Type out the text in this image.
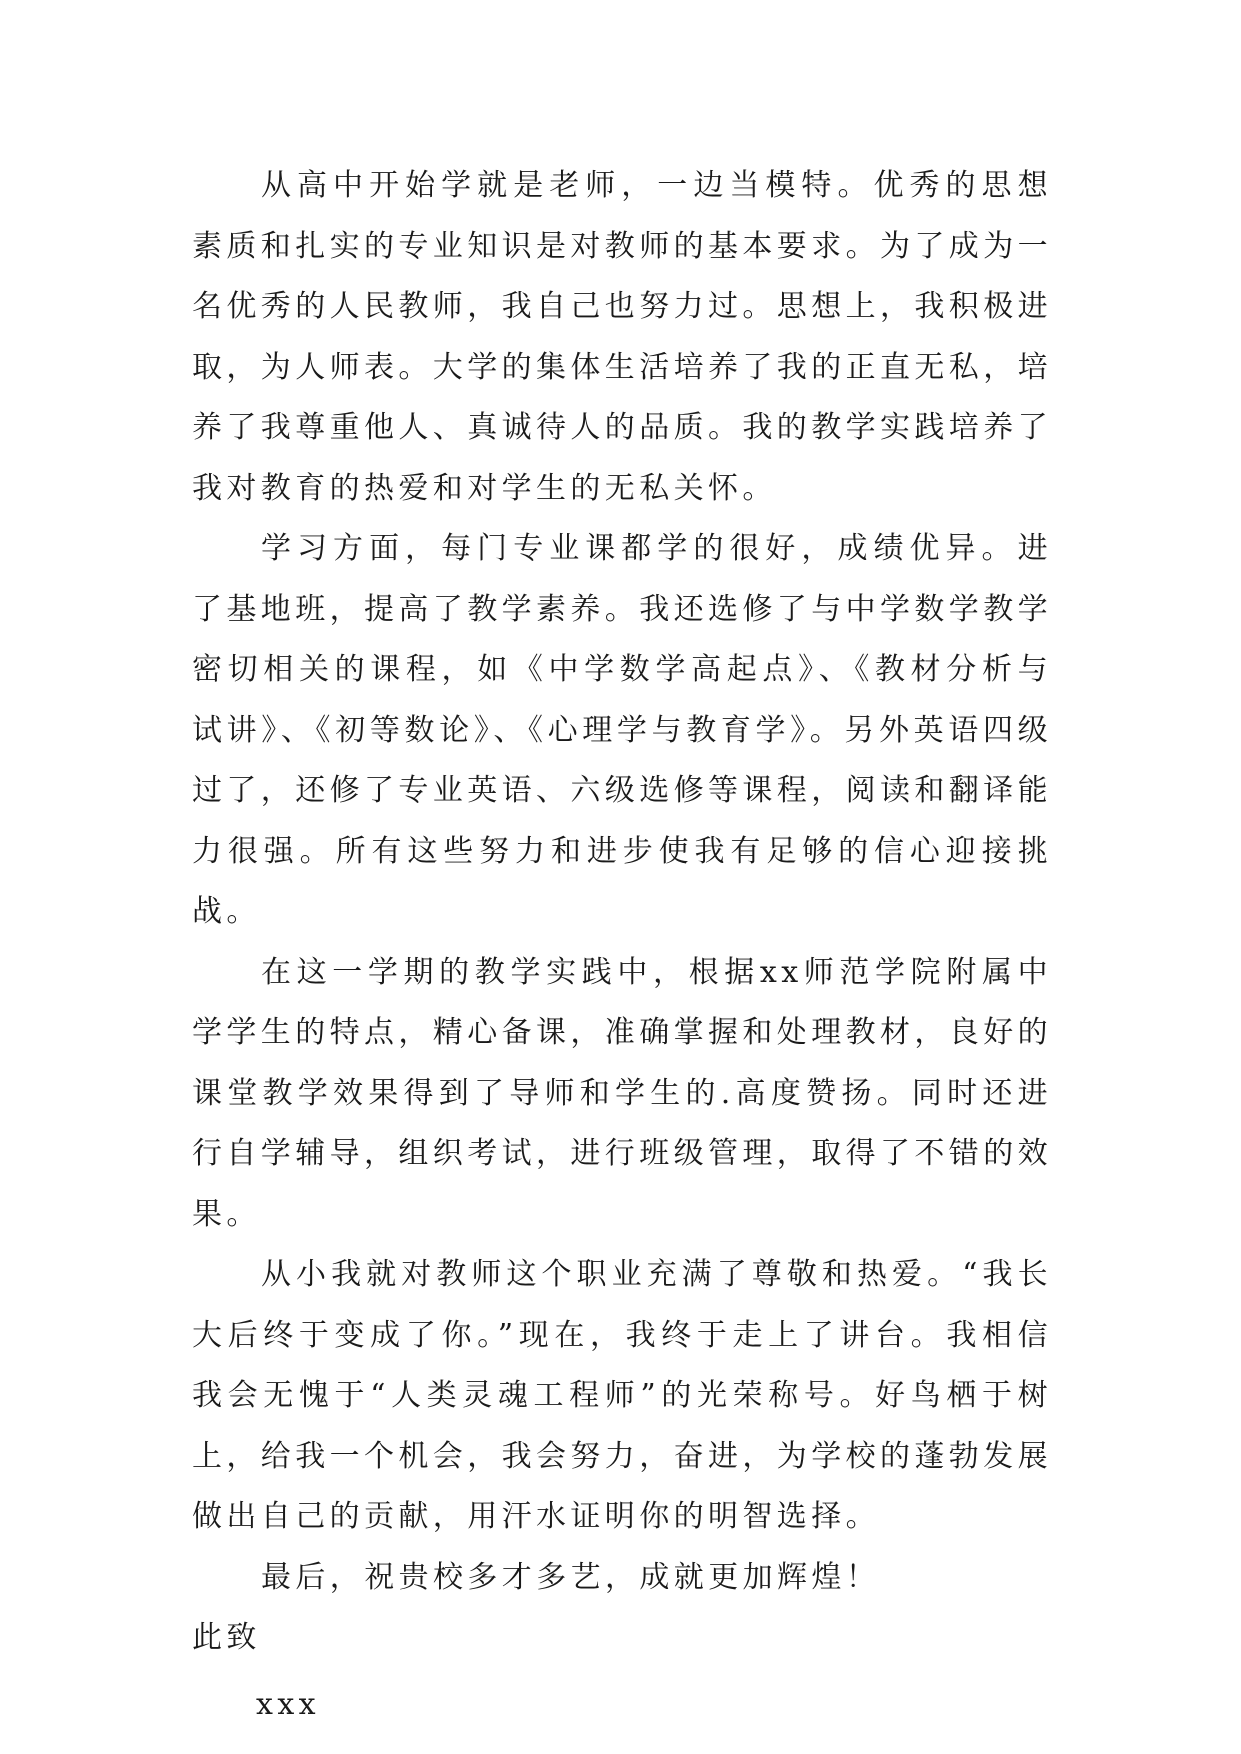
从高中开始学就是老师，一边当模特。优秀的思想素质和扎实的专业知识是对教师的基本要求。为了成为一名优秀的人民教师，我自己也努力过。思想上，我积极进取，为人师表。大学的集体生活培养了我的正直无私，培养了我尊重他人、真诚待人的品质。我的教学实践培养了我对教育的热爱和对学生的无私关怀。

学习方面，每门专业课都学的很好，成绩优异。进了基地班，提高了教学素养。我还选修了与中学数学教学密切相关的课程，如《中学数学高起点》、《教材分析与试讲》、《初等数论》、《心理学与教育学》。另外英语四级过了，还修了专业英语、六级选修等课程，阅读和翻译能力很强。所有这些努力和进步使我有足够的信心迎接挑战。

在这一学期的教学实践中，根据xx师范学院附属中学学生的特点，精心备课，准确掌握和处理教材，良好的课堂教学效果得到了导师和学生的.高度赞扬。同时还进行自学辅导，组织考试，进行班级管理，取得了不错的效果。

从小我就对教师这个职业充满了尊敬和热爱。“我长大后终于变成了你。”现在，我终于走上了讲台。我相信我会无愧于“人类灵魂工程师”的光荣称号。好鸟栖于树上，给我一个机会，我会努力，奋进，为学校的蓬勃发展做出自己的贡献，用汗水证明你的明智选择。

最后，祝贵校多才多艺，成就更加辉煌！

此致

xxx
